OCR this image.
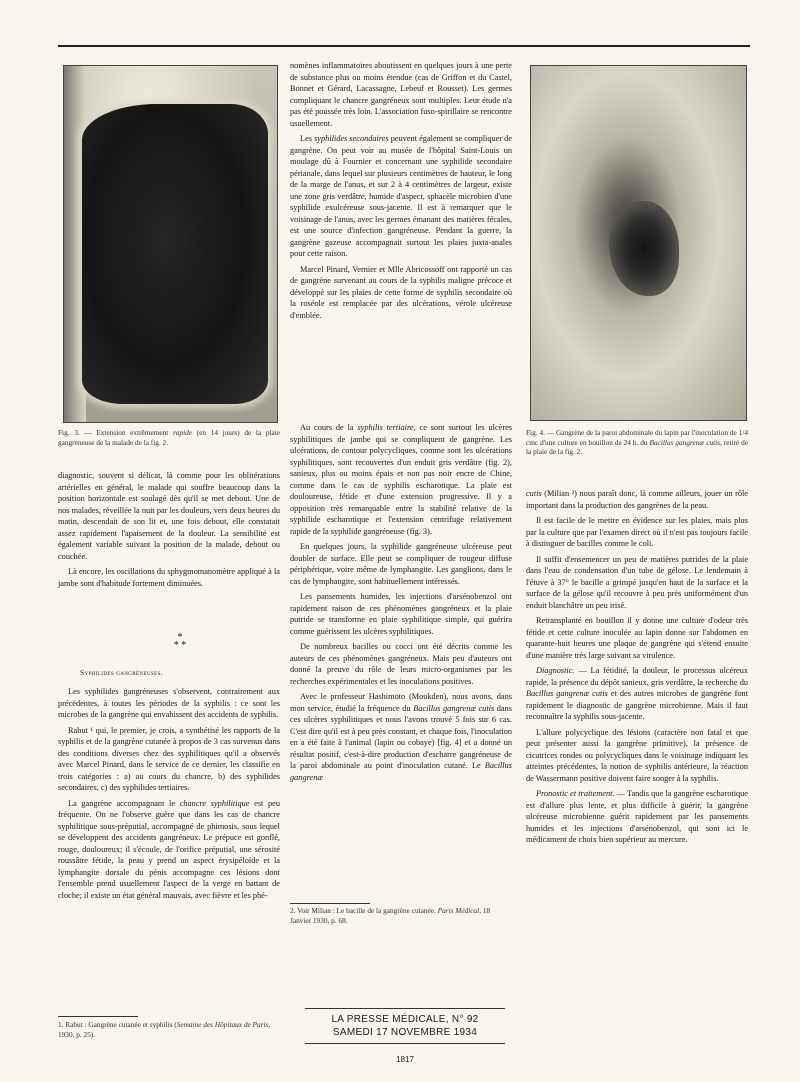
Fig. 3. — Extension extrêmement rapide (en 14 jours) de la plaie gangreneuse de la malade de la fig. 2.
Fig. 4. — Gangrène de la paroi abdominale du lapin par l'inoculation de 1/4 cmc d'une culture en bouillon de 24 h. du Bacillus gangrenæ cutis, retiré de la plaie de la fig. 2.

diagnostic, souvent si délicat, là comme pour les oblitérations artérielles en général, le malade qui souffre beaucoup dans la position horizontale est soulagé dès qu'il se met debout. Une de nos malades, réveillée la nuit par les douleurs, vers deux heures du matin, descendait de son lit et, une fois debout, elle constatait assez rapidement l'apaisement de la douleur. La sensibilité est également variable suivant la position de la malade, debout ou couchée.

Là encore, les oscillations du sphygmomanomètre appliqué à la jambe sont d'habitude fortement diminuées.

*
* *
Syphilides gangréneuses.

Les syphilides gangréneuses s'observent, contrairement aux précédentes, à toutes les périodes de la syphilis : ce sont les microbes de la gangrène qui envahissent des accidents de syphilis.

Rabut ¹ qui, le premier, je crois, a synthétisé les rapports de la syphilis et de la gangrène cutanée à propos de 3 cas survenus dans des conditions diverses chez des syphilitiques qu'il a observés avec Marcel Pinard, dans le service de ce dernier, les classifie en trois catégories : a) au cours du chancre, b) des syphilides secondaires, c) des syphilides tertiaires.

La gangrène accompagnant le chancre syphilitique est peu fréquente. On ne l'observe guère que dans les cas de chancre syphilitique sous-préputial, accompagné de phimosis, sous lequel se développent des accidents gangréneux. Le prépuce est gonflé, rouge, douloureux; il s'écoule, de l'orifice préputial, une sérosité roussâtre fétide, la peau y prend un aspect érysipéloïde et la lymphangite dorsale du pénis accompagne ces lésions dont l'ensemble prend usuellement l'aspect de la verge en battant de cloche; il existe un état général mauvais, avec fièvre et les phé-

1. Rabut : Gangrène cutanée et syphilis (Semaine des Hôpitaux de Paris, 1930, p. 25).

nomènes inflammatoires aboutissent en quelques jours à une perte de substance plus ou moins étendue (cas de Griffon et du Castel, Bonnet et Gérard, Lacassagne, Lebeuf et Rousset). Les germes compliquant le chancre gangréneux sont multiples. Leur étude n'a pas été poussée très loin. L'association fuso-spirillaire se rencontre usuellement.

Les syphilides secondaires peuvent également se compliquer de gangrène. On peut voir au musée de l'hôpital Saint-Louis un moulage dû à Fournier et concernant une syphilide secondaire périanale, dans lequel sur plusieurs centimètres de hauteur, le long de la marge de l'anus, et sur 2 à 4 centimètres de largeur, existe une zone gris verdâtre, humide d'aspect, sphacèle microbien d'une syphilide exulcéreuse sous-jacente. Il est à remarquer que le voisinage de l'anus, avec les germes émanant des matières fécales, est une source d'infection gangréneuse. Pendant la guerre, la gangrène gazeuse accompagnait surtout les plaies juxta-anales pour cette raison.

Marcel Pinard, Vernier et Mlle Abricossoff ont rapporté un cas de gangrène survenant au cours de la syphilis maligne précoce et développé sur les plaies de cette forme de syphilis secondaire où la roséole est remplacée par des ulcérations, vérole ulcéreuse d'emblée.

Au cours de la syphilis tertiaire, ce sont surtout les ulcères syphilitiques de jambe qui se compliquent de gangrène. Les ulcérations, de contour polycycliques, comme sont les ulcérations syphilitiques, sont recouvertes d'un enduit gris verdâtre (fig. 2), sanieux, plus ou moins épais et non pas noir encre de Chine, comme dans le cas de syphilis escharotique. La plaie est douloureuse, fétide et d'une extension progressive. Il y a opposition très remarquable entre la stabilité relative de la syphilide escharotique et l'extension centrifuge relativement rapide de la syphilide gangréneuse (fig. 3).

En quelques jours, la syphilide gangréneuse ulcéreuse peut doubler de surface. Elle peut se compliquer de rougeur diffuse périphérique, voire même de lymphangite. Les ganglions, dans le cas de lymphangite, sont habituellement intéressés.

Les pansements humides, les injections d'arsénobenzol ont rapidement raison de ces phénomènes gangréneux et la plaie putride se transforme en plaie syphilitique simple, qui guérira comme guérissent les ulcères syphilitiques.

De nombreux bacilles ou cocci ont été décrits comme les auteurs de ces phénomènes gangréneux. Mais peu d'auteurs ont donné la preuve du rôle de leurs micro-organismes par les recherches expérimentales et les inoculations positives.

Avec le professeur Hashimoto (Moukden), nous avons, dans mon service, étudié la fréquence du Bacillus gangrenæ cutis dans ces ulcères syphilitiques et nous l'avons trouvé 5 fois sur 6 cas. C'est dire qu'il est à peu près constant, et chaque fois, l'inoculation en a été faite à l'animal (lapin ou cobaye) [fig. 4] et a donné un résultat positif, c'est-à-dire production d'escharre gangréneuse de la paroi abdominale au point d'inoculation cutané. Le Bacillus gangrenæ

2. Voir Milian : Le bacille de la gangrène cutanée. Paris Médical, 18 Janvier 1930, p. 68.

cutis (Milian ²) nous paraît donc, là comme ailleurs, jouer un rôle important dans la production des gangrènes de la peau.

Il est facile de le mettre en évidence sur les plaies, mais plus par la culture que par l'examen direct où il n'est pas toujours facile à distinguer de bacilles comme le coli.

Il suffit d'ensemencer un peu de matières putrides de la plaie dans l'eau de condensation d'un tube de gélose. Le lendemain à l'étuve à 37° le bacille a grimpé jusqu'en haut de la surface et la surface de la gélose qu'il recouvre à peu près uniformément d'un enduit blanchâtre un peu irisé.

Retransplanté en bouillon il y donne une culture d'odeur très fétide et cette culture inoculée au lapin donne sur l'abdomen en quarante-huit heures une plaque de gangrène qui s'étend ensuite d'une manière très large suivant sa virulence.

Diagnostic. — La fétidité, la douleur, le processus ulcéreux rapide, la présence du dépôt sanieux, gris verdâtre, la recherche du Bacillus gangrenæ cutis et des autres microbes de gangrène font rapidement le diagnostic de gangrène microbienne. Mais il faut reconnaître la syphilis sous-jacente.

L'allure polycyclique des lésions (caractère non fatal et que peut présenter aussi la gangrène primitive), la présence de cicatrices rondes ou polycycliques dans le voisinage indiquant les atteintes précédentes, la notion de syphilis antérieure, la réaction de Wassermann positive doivent faire songer à la syphilis.

Pronostic et traitement. — Tandis que la gangrène escharotique est d'allure plus lente, et plus difficile à guérir, la gangrène ulcéreuse microbienne guérit rapidement par les pansements humides et les injections d'arsénobenzol, qui sont ici le médicament de choix bien supérieur au mercure.

LA PRESSE MÉDICALE, N° 92
SAMEDI 17 NOVEMBRE 1934
1817
